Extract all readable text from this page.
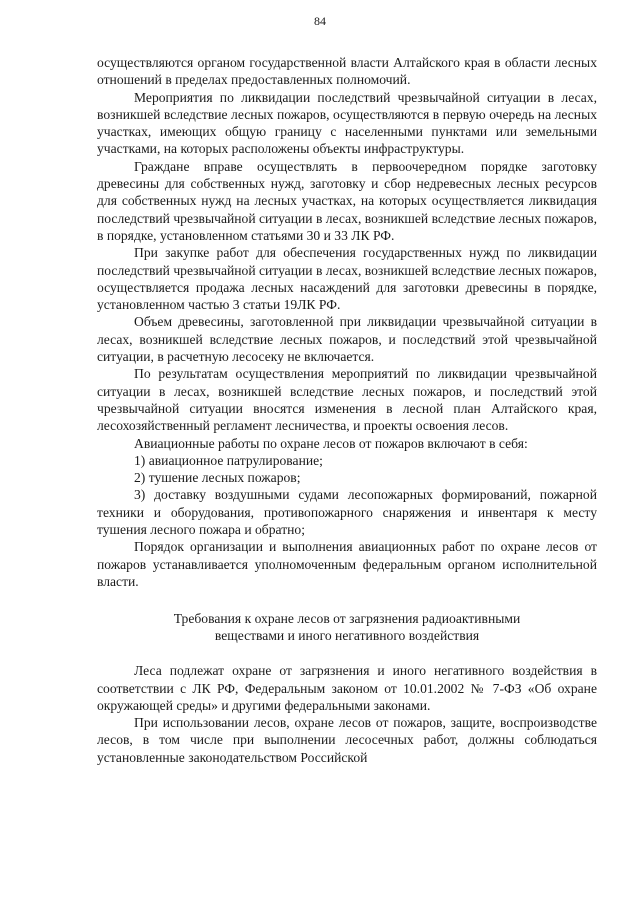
84

осуществляются органом государственной власти Алтайского края в области лесных отношений в пределах предоставленных полномочий.

Мероприятия по ликвидации последствий чрезвычайной ситуации в лесах, возникшей вследствие лесных пожаров, осуществляются в первую очередь на лесных участках, имеющих общую границу с населенными пунктами или земельными участками, на которых расположены объекты инфраструктуры.

Граждане вправе осуществлять в первоочередном порядке заготовку древесины для собственных нужд, заготовку и сбор недревесных лесных ресурсов для собственных нужд на лесных участках, на которых осуществляется ликвидация последствий чрезвычайной ситуации в лесах, возникшей вследствие лесных пожаров, в порядке, установленном статьями 30 и 33 ЛК РФ.

При закупке работ для обеспечения государственных нужд по ликвидации последствий чрезвычайной ситуации в лесах, возникшей вследствие лесных пожаров, осуществляется продажа лесных насаждений для заготовки древесины в порядке, установленном частью 3 статьи 19ЛК РФ.

Объем древесины, заготовленной при ликвидации чрезвычайной ситуации в лесах, возникшей вследствие лесных пожаров, и последствий этой чрезвычайной ситуации, в расчетную лесосеку не включается.

По результатам осуществления мероприятий по ликвидации чрезвычайной ситуации в лесах, возникшей вследствие лесных пожаров, и последствий этой чрезвычайной ситуации вносятся изменения в лесной план Алтайского края, лесохозяйственный регламент лесничества, и проекты освоения лесов.

Авиационные работы по охране лесов от пожаров включают в себя:

1) авиационное патрулирование;

2) тушение лесных пожаров;

3) доставку воздушными судами лесопожарных формирований, пожарной техники и оборудования, противопожарного снаряжения и инвентаря к месту тушения лесного пожара и обратно;

Порядок организации и выполнения авиационных работ по охране лесов от пожаров устанавливается уполномоченным федеральным органом исполнительной власти.

Требования к охране лесов от загрязнения радиоактивными
веществами и иного негативного воздействия

Леса подлежат охране от загрязнения и иного негативного воздействия в соответствии с ЛК РФ, Федеральным законом от 10.01.2002 № 7-ФЗ «Об охране окружающей среды» и другими федеральными законами.

При использовании лесов, охране лесов от пожаров, защите, воспроизводстве лесов, в том числе при выполнении лесосечных работ, должны соблюдаться установленные законодательством Российской
